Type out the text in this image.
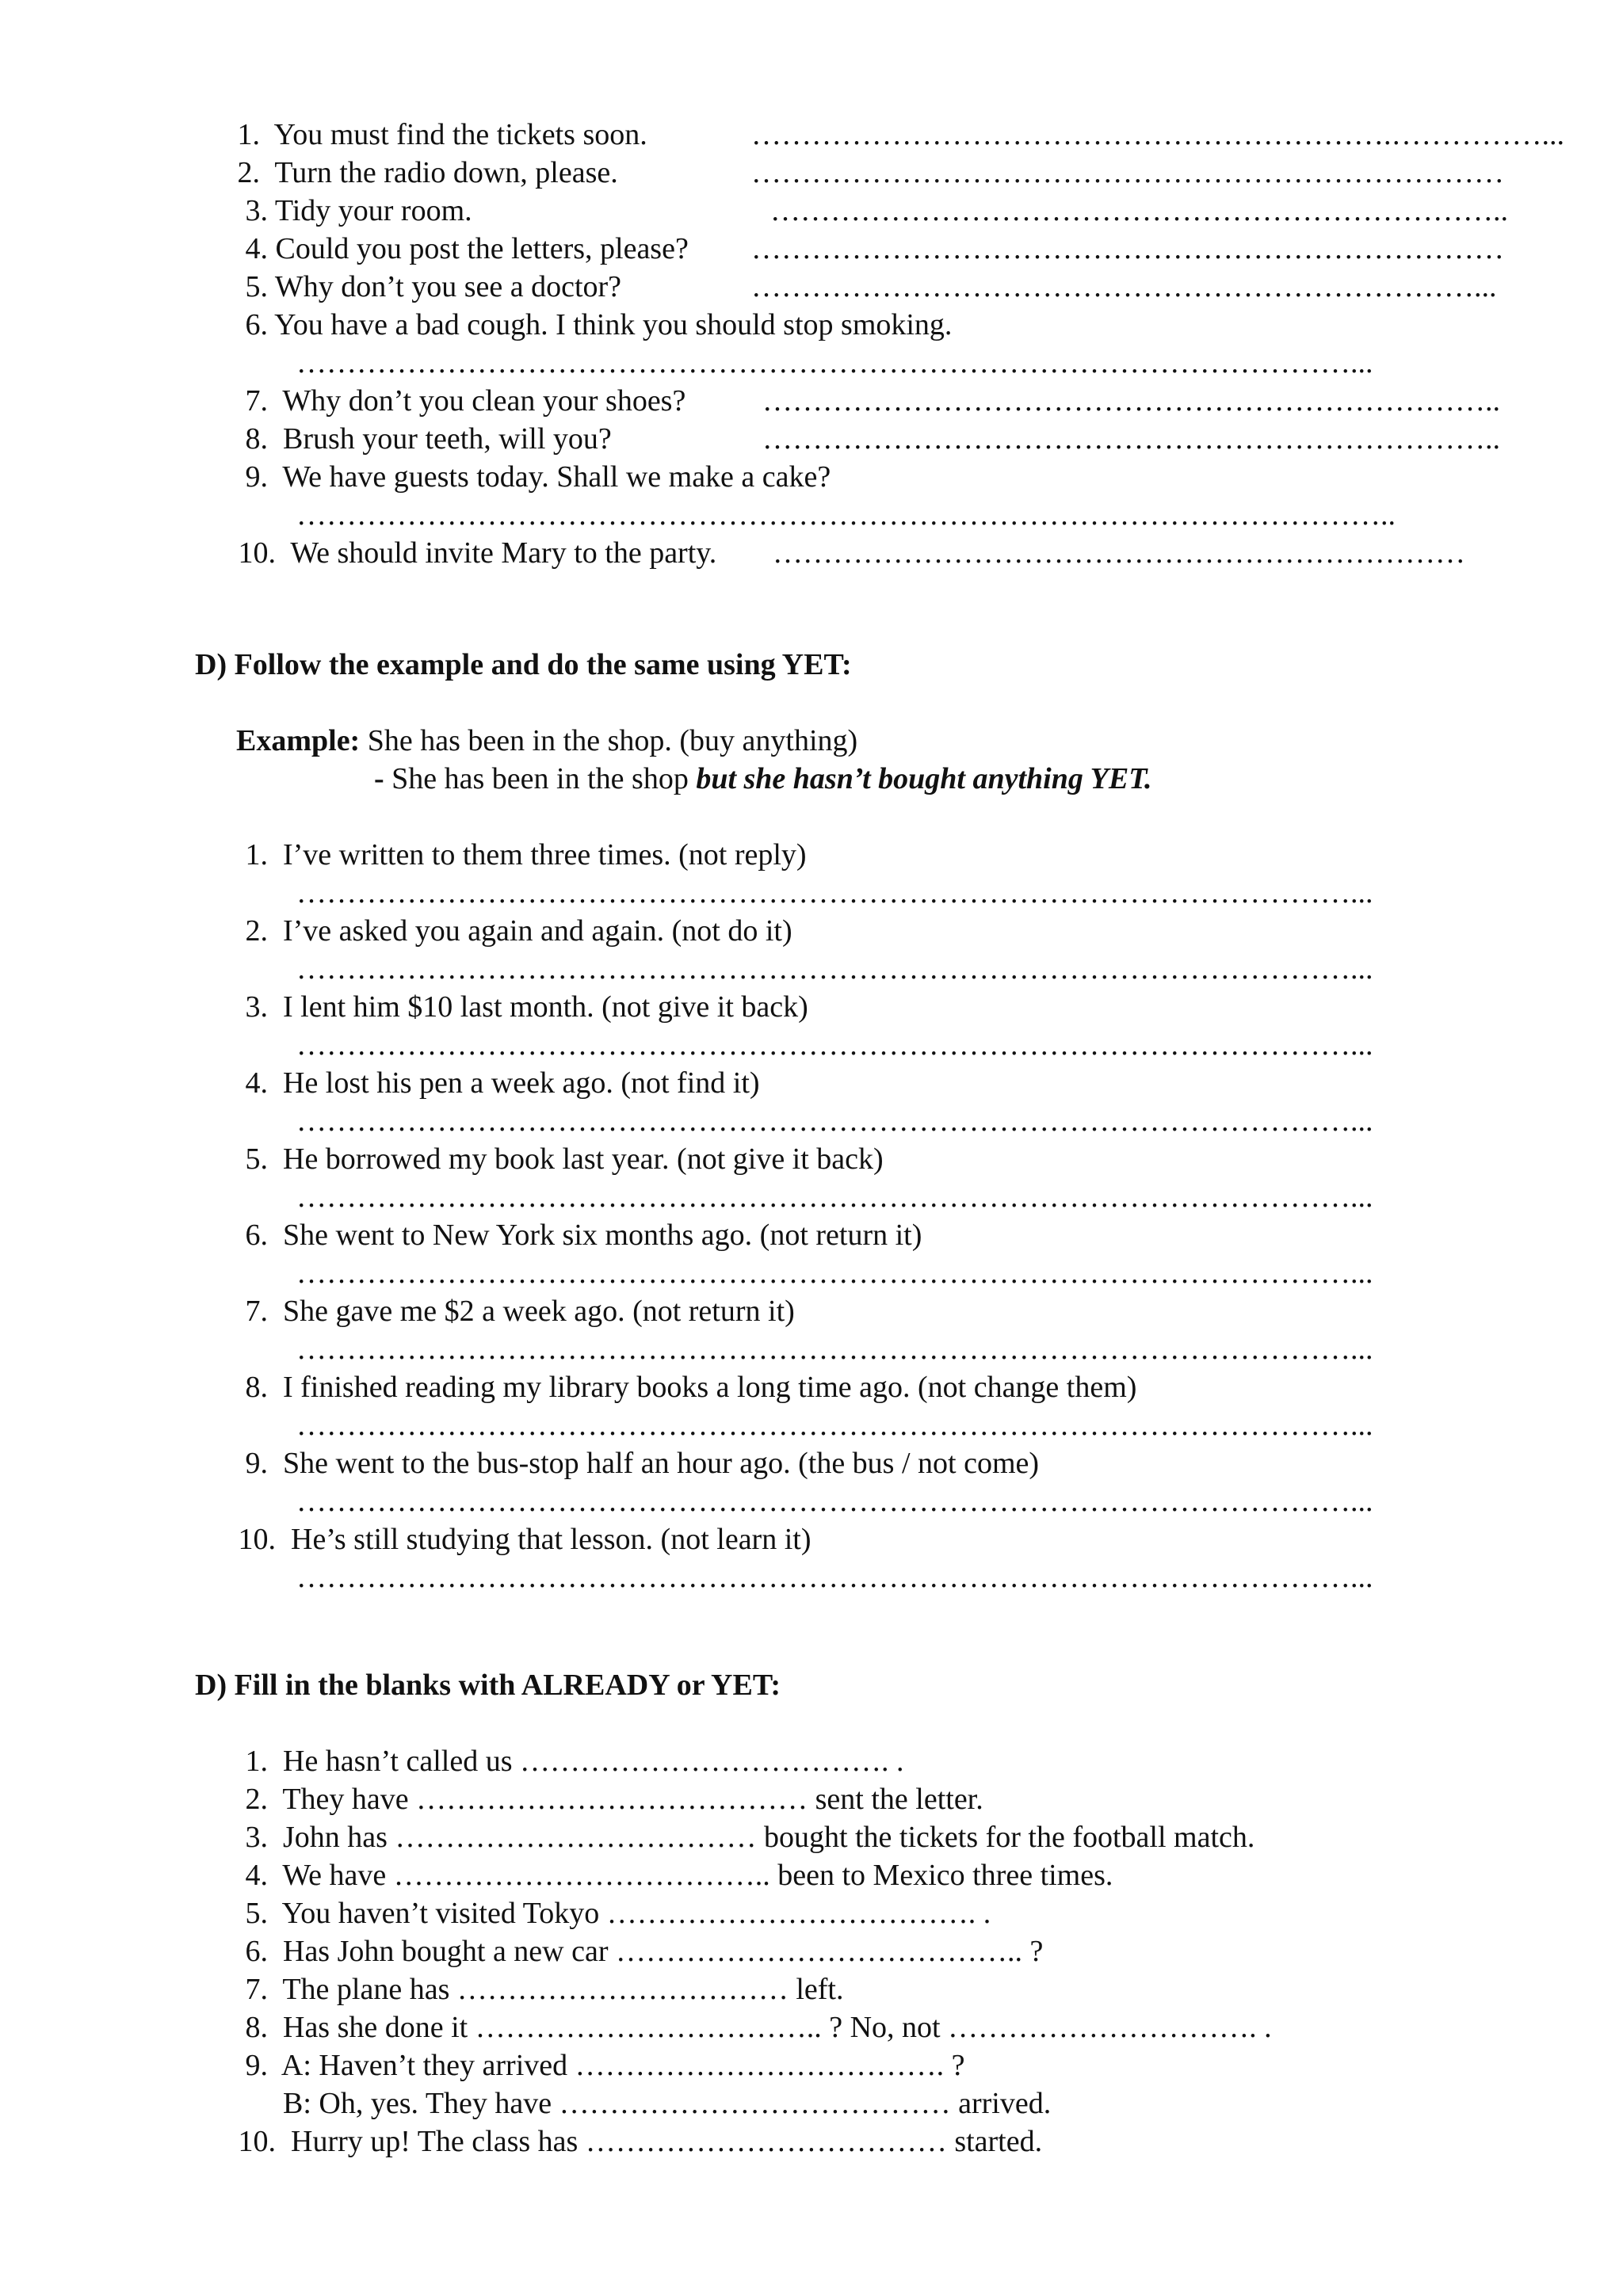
1. You must find the tickets soon.	……………………………………………………….……………...
2. Turn the radio down, please.	…………………………………………………………………
3. Tidy your room.	………………………………………………………………..
4. Could you post the letters, please? …………………………………………………………………
5. Why don’t you see a doctor?	………………………………………………………………...
6. You have a bad cough. I think you should stop smoking.
……………………………………………………………………………………………...
7. Why don’t you clean your shoes?	………………………………………………………………..
8. Brush your teeth, will you?	………………………………………………………………..
9. We have guests today. Shall we make a cake?
………………………………………………………………………………………………..
10. We should invite Mary to the party. ……………………………………………………………
D) Follow the example and do the same using YET:
Example: She has been in the shop. (buy anything)
- She has been in the shop but she hasn’t bought anything YET.
1. I’ve written to them three times. (not reply)
……………………………………………………………………………………………...
2. I’ve asked you again and again. (not do it)
……………………………………………………………………………………………...
3. I lent him $10 last month. (not give it back)
……………………………………………………………………………………………...
4. He lost his pen a week ago. (not find it)
……………………………………………………………………………………………...
5. He borrowed my book last year. (not give it back)
……………………………………………………………………………………………...
6. She went to New York six months ago. (not return it)
……………………………………………………………………………………………...
7. She gave me $2 a week ago. (not return it)
……………………………………………………………………………………………...
8. I finished reading my library books a long time ago. (not change them)
……………………………………………………………………………………………...
9. She went to the bus-stop half an hour ago. (the bus / not come)
……………………………………………………………………………………………...
10. He’s still studying that lesson. (not learn it)
……………………………………………………………………………………………...
D) Fill in the blanks with ALREADY or YET:
1. He hasn’t called us ………………………………. .
2. They have ………………………………… sent the letter.
3. John has ……………………………… bought the tickets for the football match.
4. We have ……………………………….. been to Mexico three times.
5. You haven’t visited Tokyo ………………………………. .
6. Has John bought a new car ………………………………….. ?
7. The plane has …………………………… left.
8. Has she done it …………………………….. ? No, not …………………………. .
9. A: Haven’t they arrived ………………………………. ?
B: Oh, yes. They have ………………………………… arrived.
10. Hurry up! The class has ……………………………… started.
